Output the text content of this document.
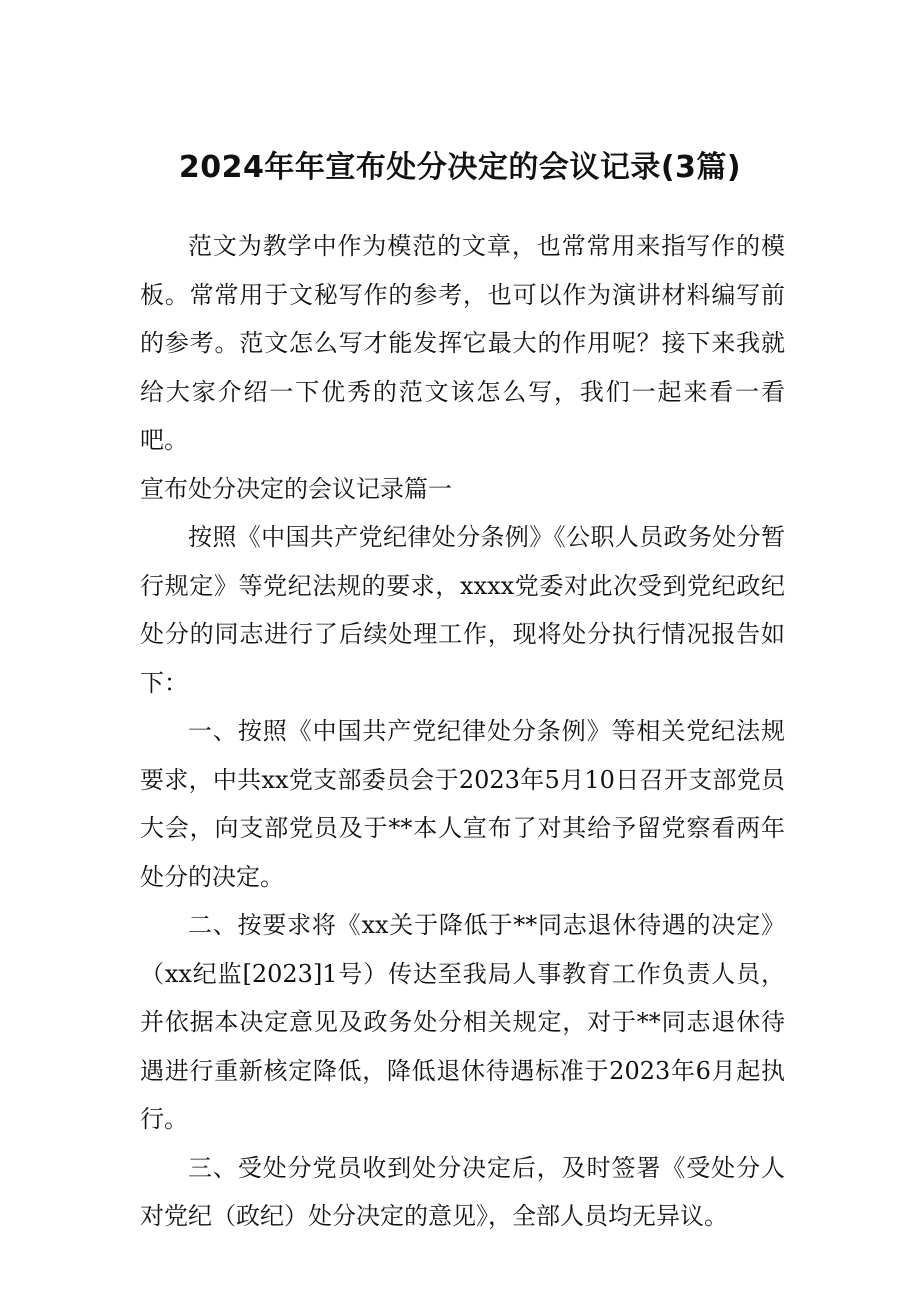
2024年年宣布处分决定的会议记录(3篇)

范文为教学中作为模范的文章，也常常用来指写作的模板。常常用于文秘写作的参考，也可以作为演讲材料编写前的参考。范文怎么写才能发挥它最大的作用呢？接下来我就给大家介绍一下优秀的范文该怎么写，我们一起来看一看吧。

宣布处分决定的会议记录篇一

按照《中国共产党纪律处分条例》《公职人员政务处分暂行规定》等党纪法规的要求，xxxx党委对此次受到党纪政纪处分的同志进行了后续处理工作，现将处分执行情况报告如下：

一、按照《中国共产党纪律处分条例》等相关党纪法规要求，中共xx党支部委员会于2023年5月10日召开支部党员大会，向支部党员及于**本人宣布了对其给予留党察看两年处分的决定。

二、按要求将《xx关于降低于**同志退休待遇的决定》（xx纪监[2023]1号）传达至我局人事教育工作负责人员，并依据本决定意见及政务处分相关规定，对于**同志退休待遇进行重新核定降低，降低退休待遇标准于2023年6月起执行。

三、受处分党员收到处分决定后，及时签署《受处分人对党纪（政纪）处分决定的意见》，全部人员均无异议。
